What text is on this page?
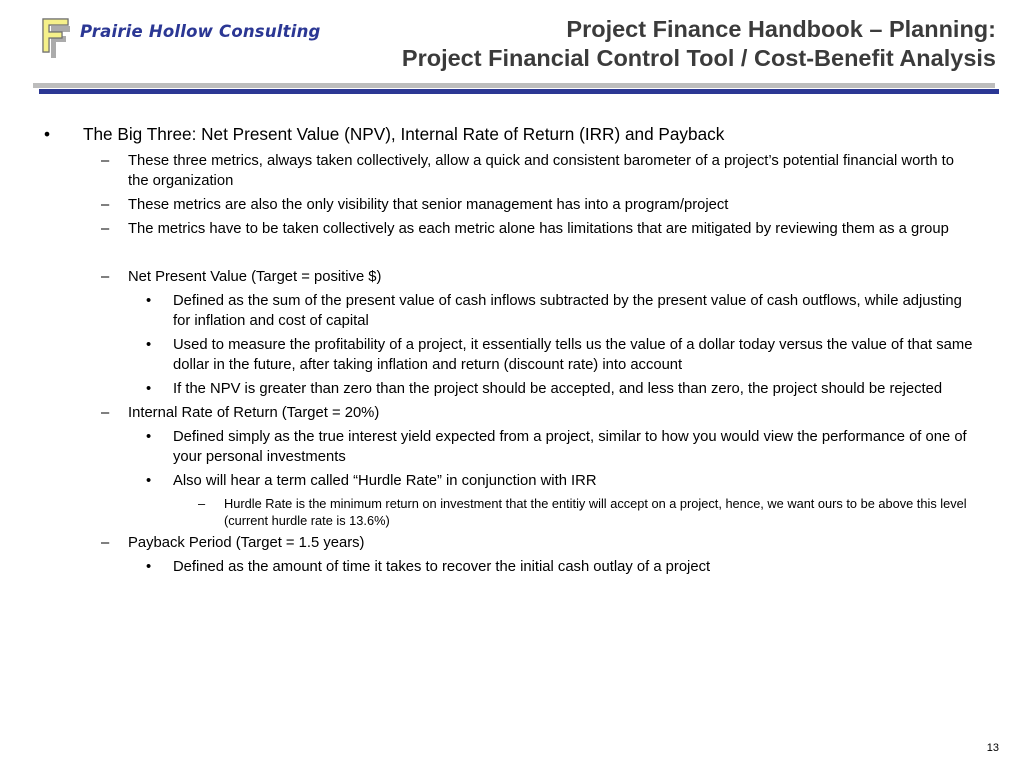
Prairie Hollow Consulting	Project Finance Handbook – Planning:
Project Financial Control Tool / Cost-Benefit Analysis
• The Big Three: Net Present Value (NPV), Internal Rate of Return (IRR) and Payback
– These three metrics, always taken collectively, allow a quick and consistent barometer of a project’s potential financial worth to the organization
– These metrics are also the only visibility that senior management has into a program/project
– The metrics have to be taken collectively as each metric alone has limitations that are mitigated by reviewing them as a group
– Net Present Value (Target = positive $)
• Defined as the sum of the present value of cash inflows subtracted by the present value of cash outflows, while adjusting for inflation and cost of capital
• Used to measure the profitability of a project, it essentially tells us the value of a dollar today versus the value of that same dollar in the future, after taking inflation and return (discount rate) into account
• If the NPV is greater than zero than the project should be accepted, and less than zero, the project should be rejected
– Internal Rate of Return (Target = 20%)
• Defined simply as the true interest yield expected from a project, similar to how you would view the performance of one of your personal investments
• Also will hear a term called “Hurdle Rate” in conjunction with IRR
– Hurdle Rate is the minimum return on investment that the entitiy will accept on a project, hence, we want ours to be above this level (current hurdle rate is 13.6%)
– Payback Period (Target = 1.5 years)
• Defined as the amount of time it takes to recover the initial cash outlay of a project
13
